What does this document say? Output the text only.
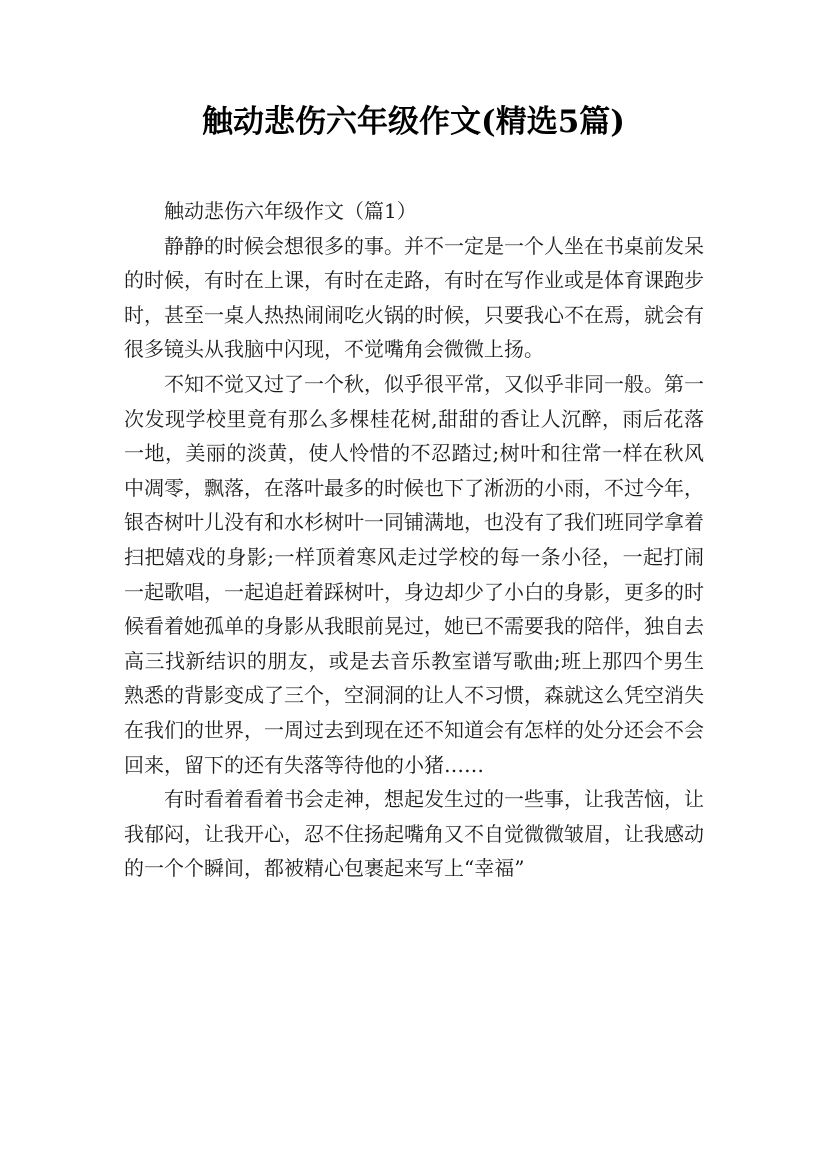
触动悲伤六年级作文(精选5篇)

触动悲伤六年级作文（篇1）

静静的时候会想很多的事。并不一定是一个人坐在书桌前发呆的时候，有时在上课，有时在走路，有时在写作业或是体育课跑步时，甚至一桌人热热闹闹吃火锅的时候，只要我心不在焉，就会有很多镜头从我脑中闪现，不觉嘴角会微微上扬。

不知不觉又过了一个秋，似乎很平常，又似乎非同一般。第一次发现学校里竟有那么多棵桂花树,甜甜的香让人沉醉，雨后花落一地，美丽的淡黄，使人怜惜的不忍踏过;树叶和往常一样在秋风中凋零，飘落，在落叶最多的时候也下了淅沥的小雨，不过今年，银杏树叶儿没有和水杉树叶一同铺满地，也没有了我们班同学拿着扫把嬉戏的身影;一样顶着寒风走过学校的每一条小径，一起打闹一起歌唱，一起追赶着踩树叶，身边却少了小白的身影，更多的时候看着她孤单的身影从我眼前晃过，她已不需要我的陪伴，独自去高三找新结识的朋友，或是去音乐教室谱写歌曲;班上那四个男生熟悉的背影变成了三个，空洞洞的让人不习惯，森就这么凭空消失在我们的世界，一周过去到现在还不知道会有怎样的处分还会不会回来，留下的还有失落等待他的小猪……

有时看着看着书会走神，想起发生过的一些事，让我苦恼，让我郁闷，让我开心，忍不住扬起嘴角又不自觉微微皱眉，让我感动的一个个瞬间，都被精心包裹起来写上“幸福”
